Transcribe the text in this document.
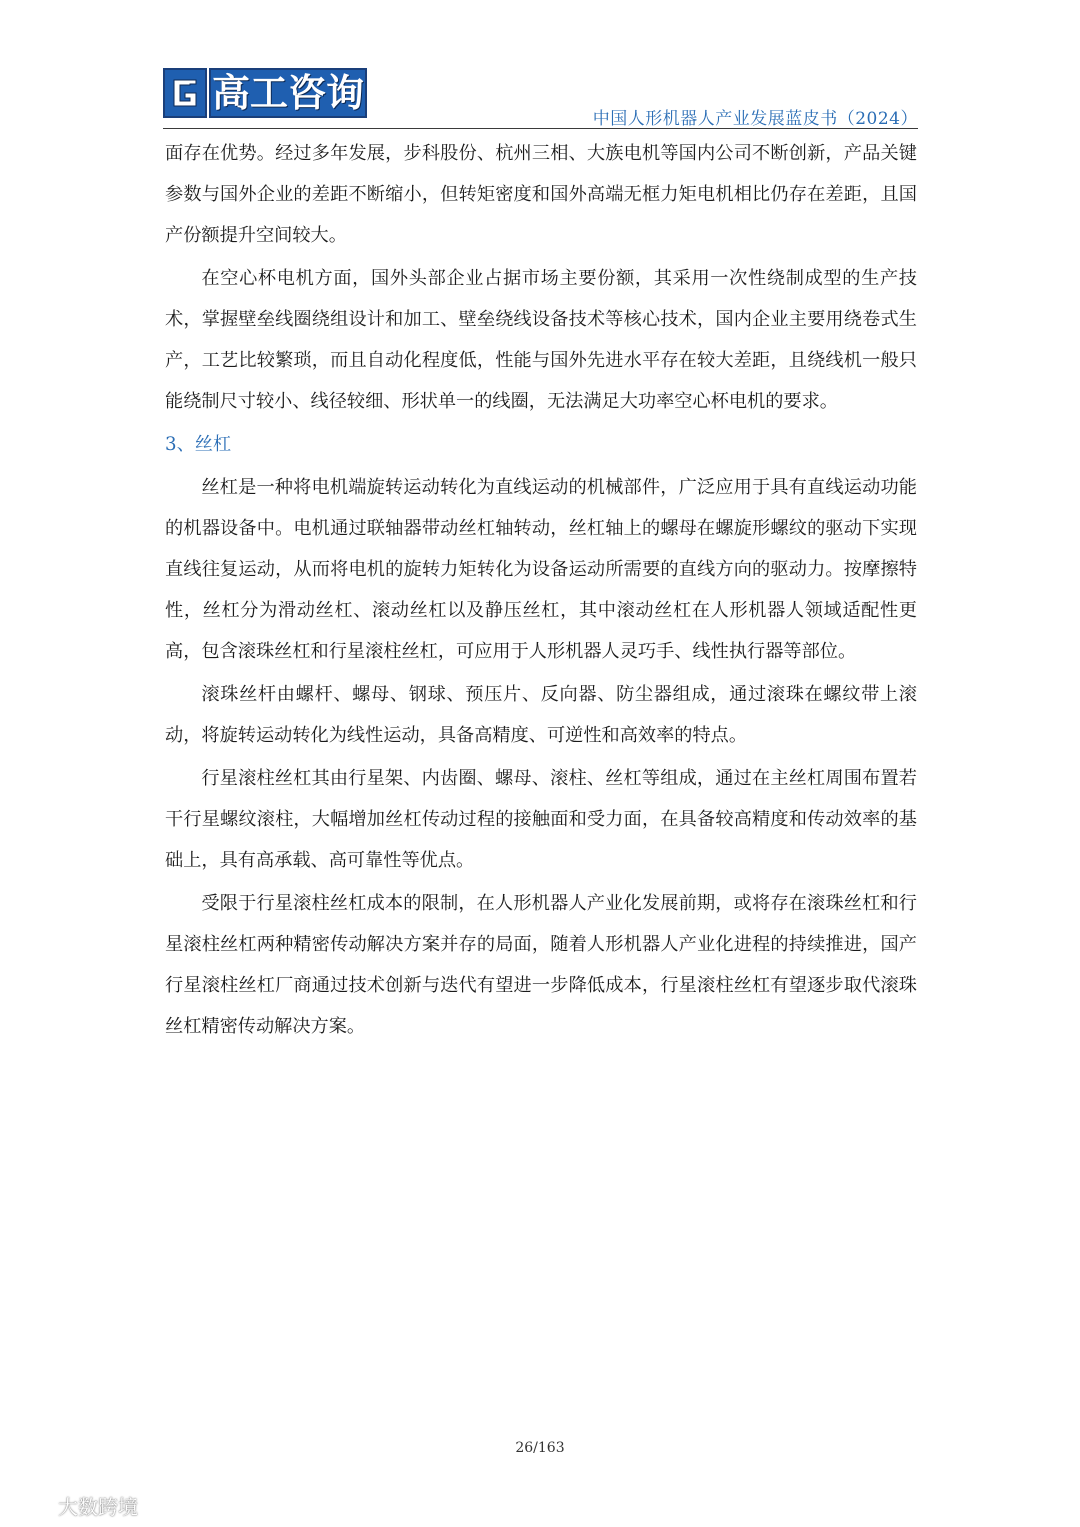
高工咨询
中国人形机器人产业发展蓝皮书（2024）

面存在优势。经过多年发展，步科股份、杭州三相、大族电机等国内公司不断创新，产品关键参数与国外企业的差距不断缩小，但转矩密度和国外高端无框力矩电机相比仍存在差距，且国产份额提升空间较大。

在空心杯电机方面，国外头部企业占据市场主要份额，其采用一次性绕制成型的生产技术，掌握壁垒线圈绕组设计和加工、壁垒绕线设备技术等核心技术，国内企业主要用绕卷式生产，工艺比较繁琐，而且自动化程度低，性能与国外先进水平存在较大差距，且绕线机一般只能绕制尺寸较小、线径较细、形状单一的线圈，无法满足大功率空心杯电机的要求。

3、丝杠

丝杠是一种将电机端旋转运动转化为直线运动的机械部件，广泛应用于具有直线运动功能的机器设备中。电机通过联轴器带动丝杠轴转动，丝杠轴上的螺母在螺旋形螺纹的驱动下实现直线往复运动，从而将电机的旋转力矩转化为设备运动所需要的直线方向的驱动力。按摩擦特性，丝杠分为滑动丝杠、滚动丝杠以及静压丝杠，其中滚动丝杠在人形机器人领域适配性更高，包含滚珠丝杠和行星滚柱丝杠，可应用于人形机器人灵巧手、线性执行器等部位。

滚珠丝杆由螺杆、螺母、钢球、预压片、反向器、防尘器组成，通过滚珠在螺纹带上滚动，将旋转运动转化为线性运动，具备高精度、可逆性和高效率的特点。

行星滚柱丝杠其由行星架、内齿圈、螺母、滚柱、丝杠等组成，通过在主丝杠周围布置若干行星螺纹滚柱，大幅增加丝杠传动过程的接触面和受力面，在具备较高精度和传动效率的基础上，具有高承载、高可靠性等优点。

受限于行星滚柱丝杠成本的限制，在人形机器人产业化发展前期，或将存在滚珠丝杠和行星滚柱丝杠两种精密传动解决方案并存的局面，随着人形机器人产业化进程的持续推进，国产行星滚柱丝杠厂商通过技术创新与迭代有望进一步降低成本，行星滚柱丝杠有望逐步取代滚珠丝杠精密传动解决方案。

26/163
大数跨境
